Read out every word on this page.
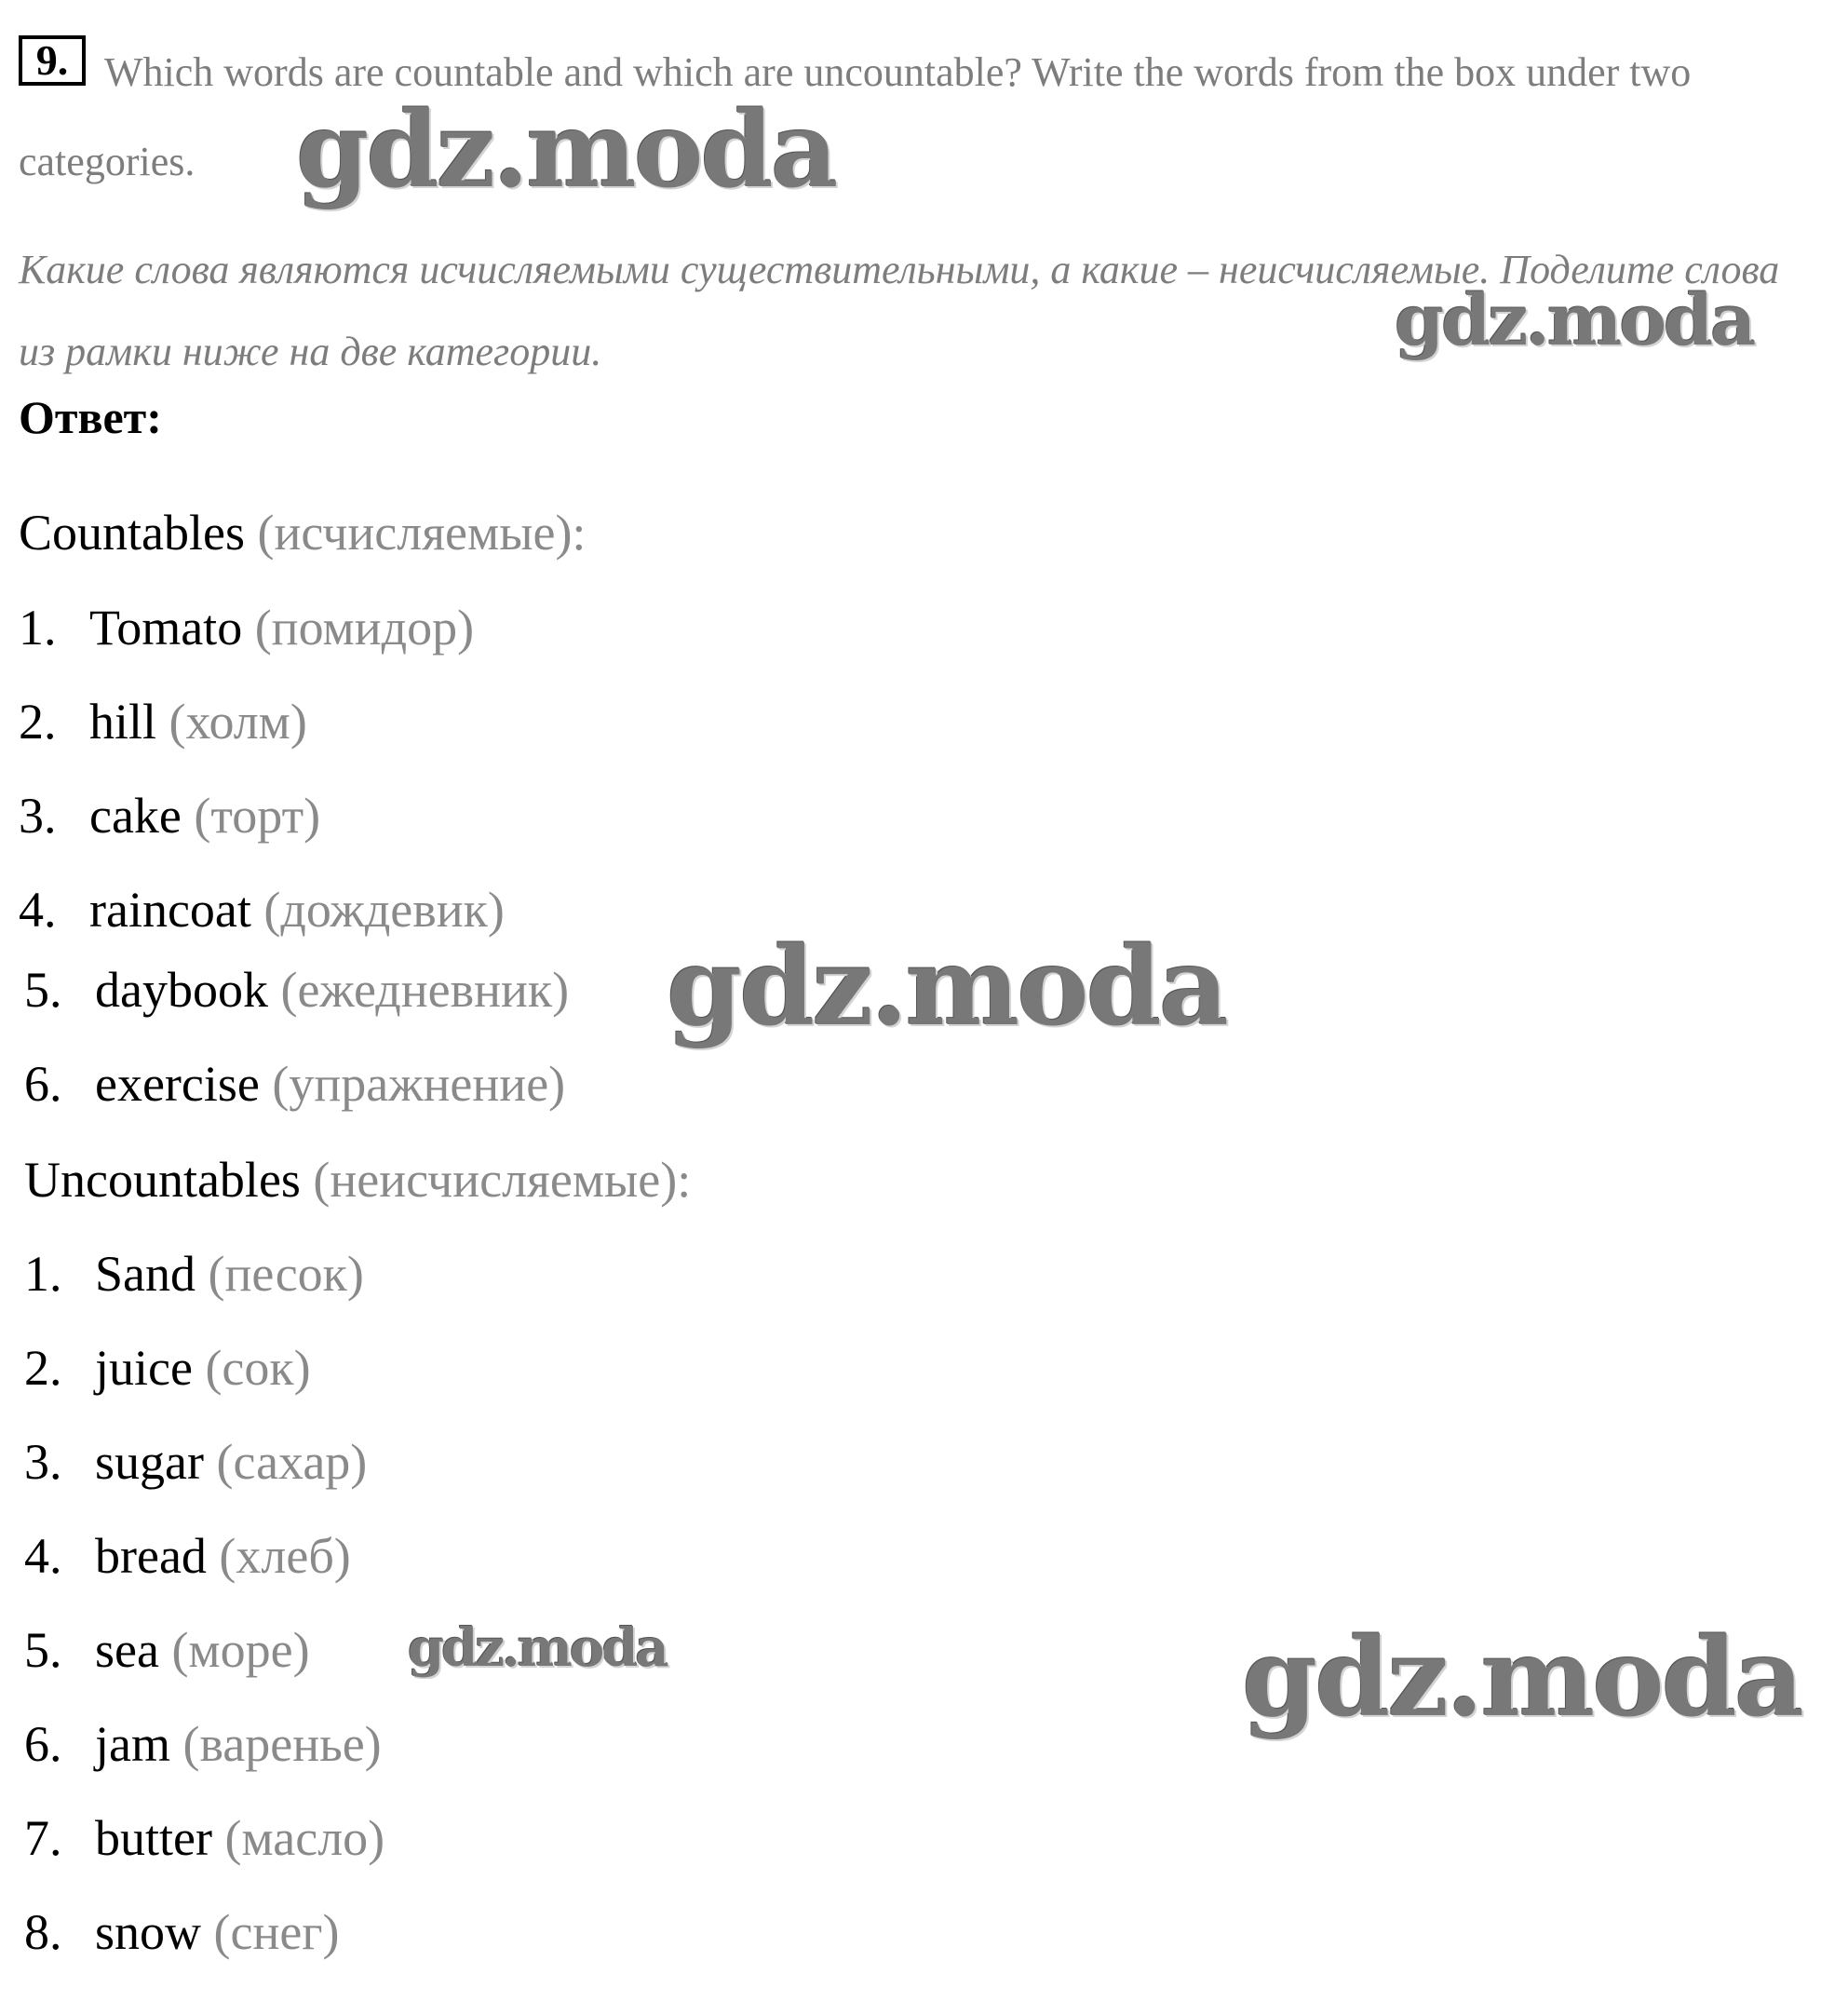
Which words are countable and which are uncountable? Write the words from the box under two categories.

9.

Какие слова являются исчисляемыми существительными, а какие – неисчисляемые. Поделите слова из рамки ниже на две категории.

Ответ:

Countables (исчисляемые):

1. Tomato (помидор)
2. hill (холм)
3. cake (торт)
4. raincoat (дождевик)
5. daybook (ежедневник)
6. exercise (упражнение)

Uncountables (неисчисляемые):

1. Sand (песок)
2. juice (сок)
3. sugar (сахар)
4. bread (хлеб)
5. sea (море)
6. jam (варенье)
7. butter (масло)
8. snow (снег)
gdz.moda
gdz.moda
gdz.moda
gdz.moda	gdz.moda
